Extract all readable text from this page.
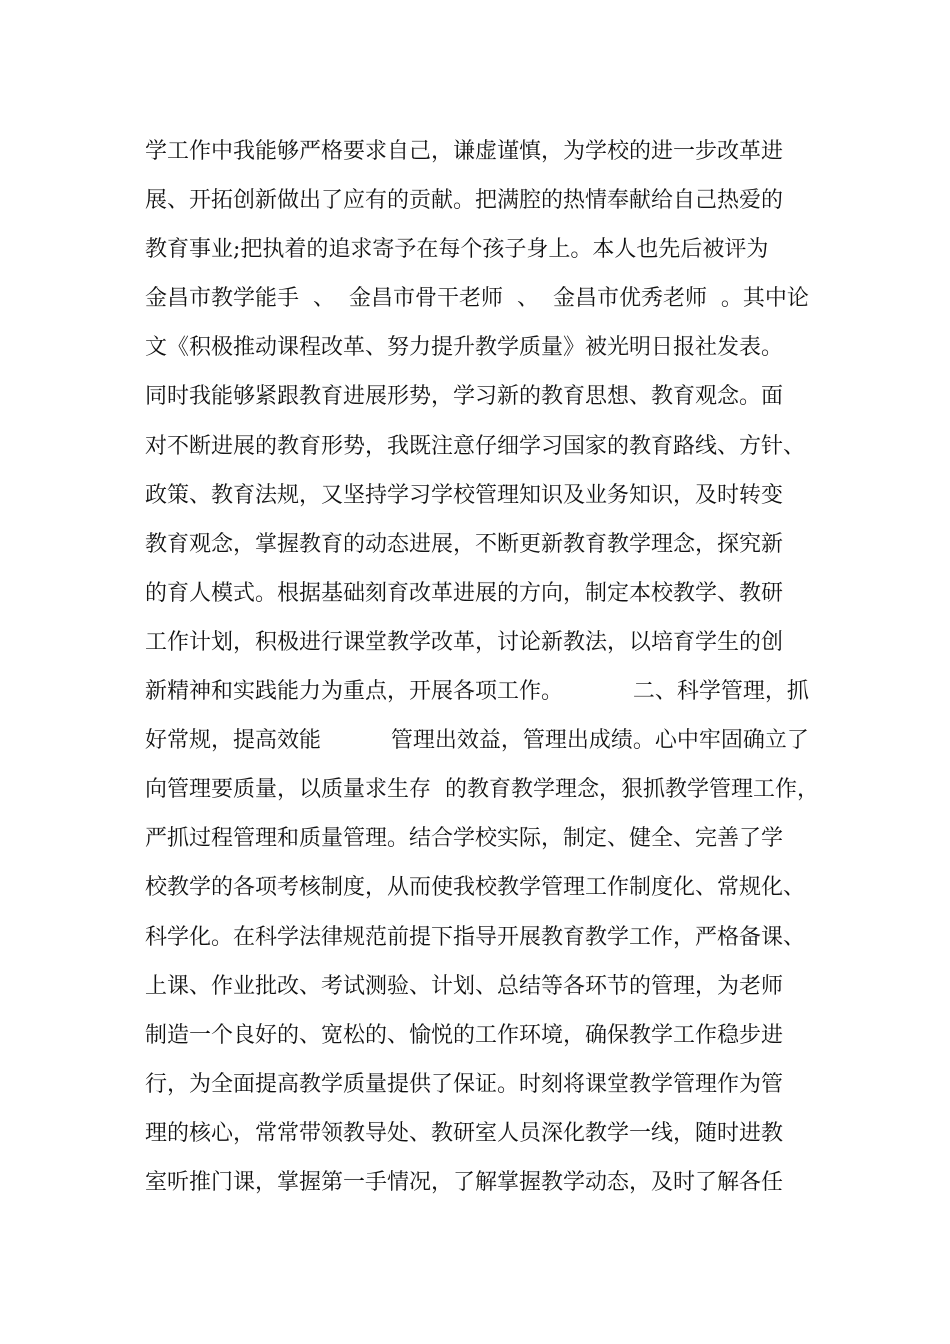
学工作中我能够严格要求自己，谦虚谨慎，为学校的进一步改革进
展、开拓创新做出了应有的贡献。把满腔的热情奉献给自己热爱的
教育事业;把执着的追求寄予在每个孩子身上。本人也先后被评为
金昌市教学能手  、  金昌市骨干老师  、  金昌市优秀老师  。其中论
文《积极推动课程改革、努力提升教学质量》被光明日报社发表。
同时我能够紧跟教育进展形势，学习新的教育思想、教育观念。面
对不断进展的教育形势，我既注意仔细学习国家的教育路线、方针、
政策、教育法规，又坚持学习学校管理知识及业务知识，及时转变
教育观念，掌握教育的动态进展，不断更新教育教学理念，探究新
的育人模式。根据基础刻育改革进展的方向，制定本校教学、教研
工作计划，积极进行课堂教学改革，讨论新教法，以培育学生的创
新精神和实践能力为重点，开展各项工作。          二、科学管理，抓
好常规，提高效能          管理出效益，管理出成绩。心中牢固确立了
向管理要质量，以质量求生存  的教育教学理念，狠抓教学管理工作，
严抓过程管理和质量管理。结合学校实际，制定、健全、完善了学
校教学的各项考核制度，从而使我校教学管理工作制度化、常规化、
科学化。在科学法律规范前提下指导开展教育教学工作，严格备课、
上课、作业批改、考试测验、计划、总结等各环节的管理，为老师
制造一个良好的、宽松的、愉悦的工作环境，确保教学工作稳步进
行，为全面提高教学质量提供了保证。时刻将课堂教学管理作为管
理的核心，常常带领教导处、教研室人员深化教学一线，随时进教
室听推门课，掌握第一手情况，了解掌握教学动态，及时了解各任
